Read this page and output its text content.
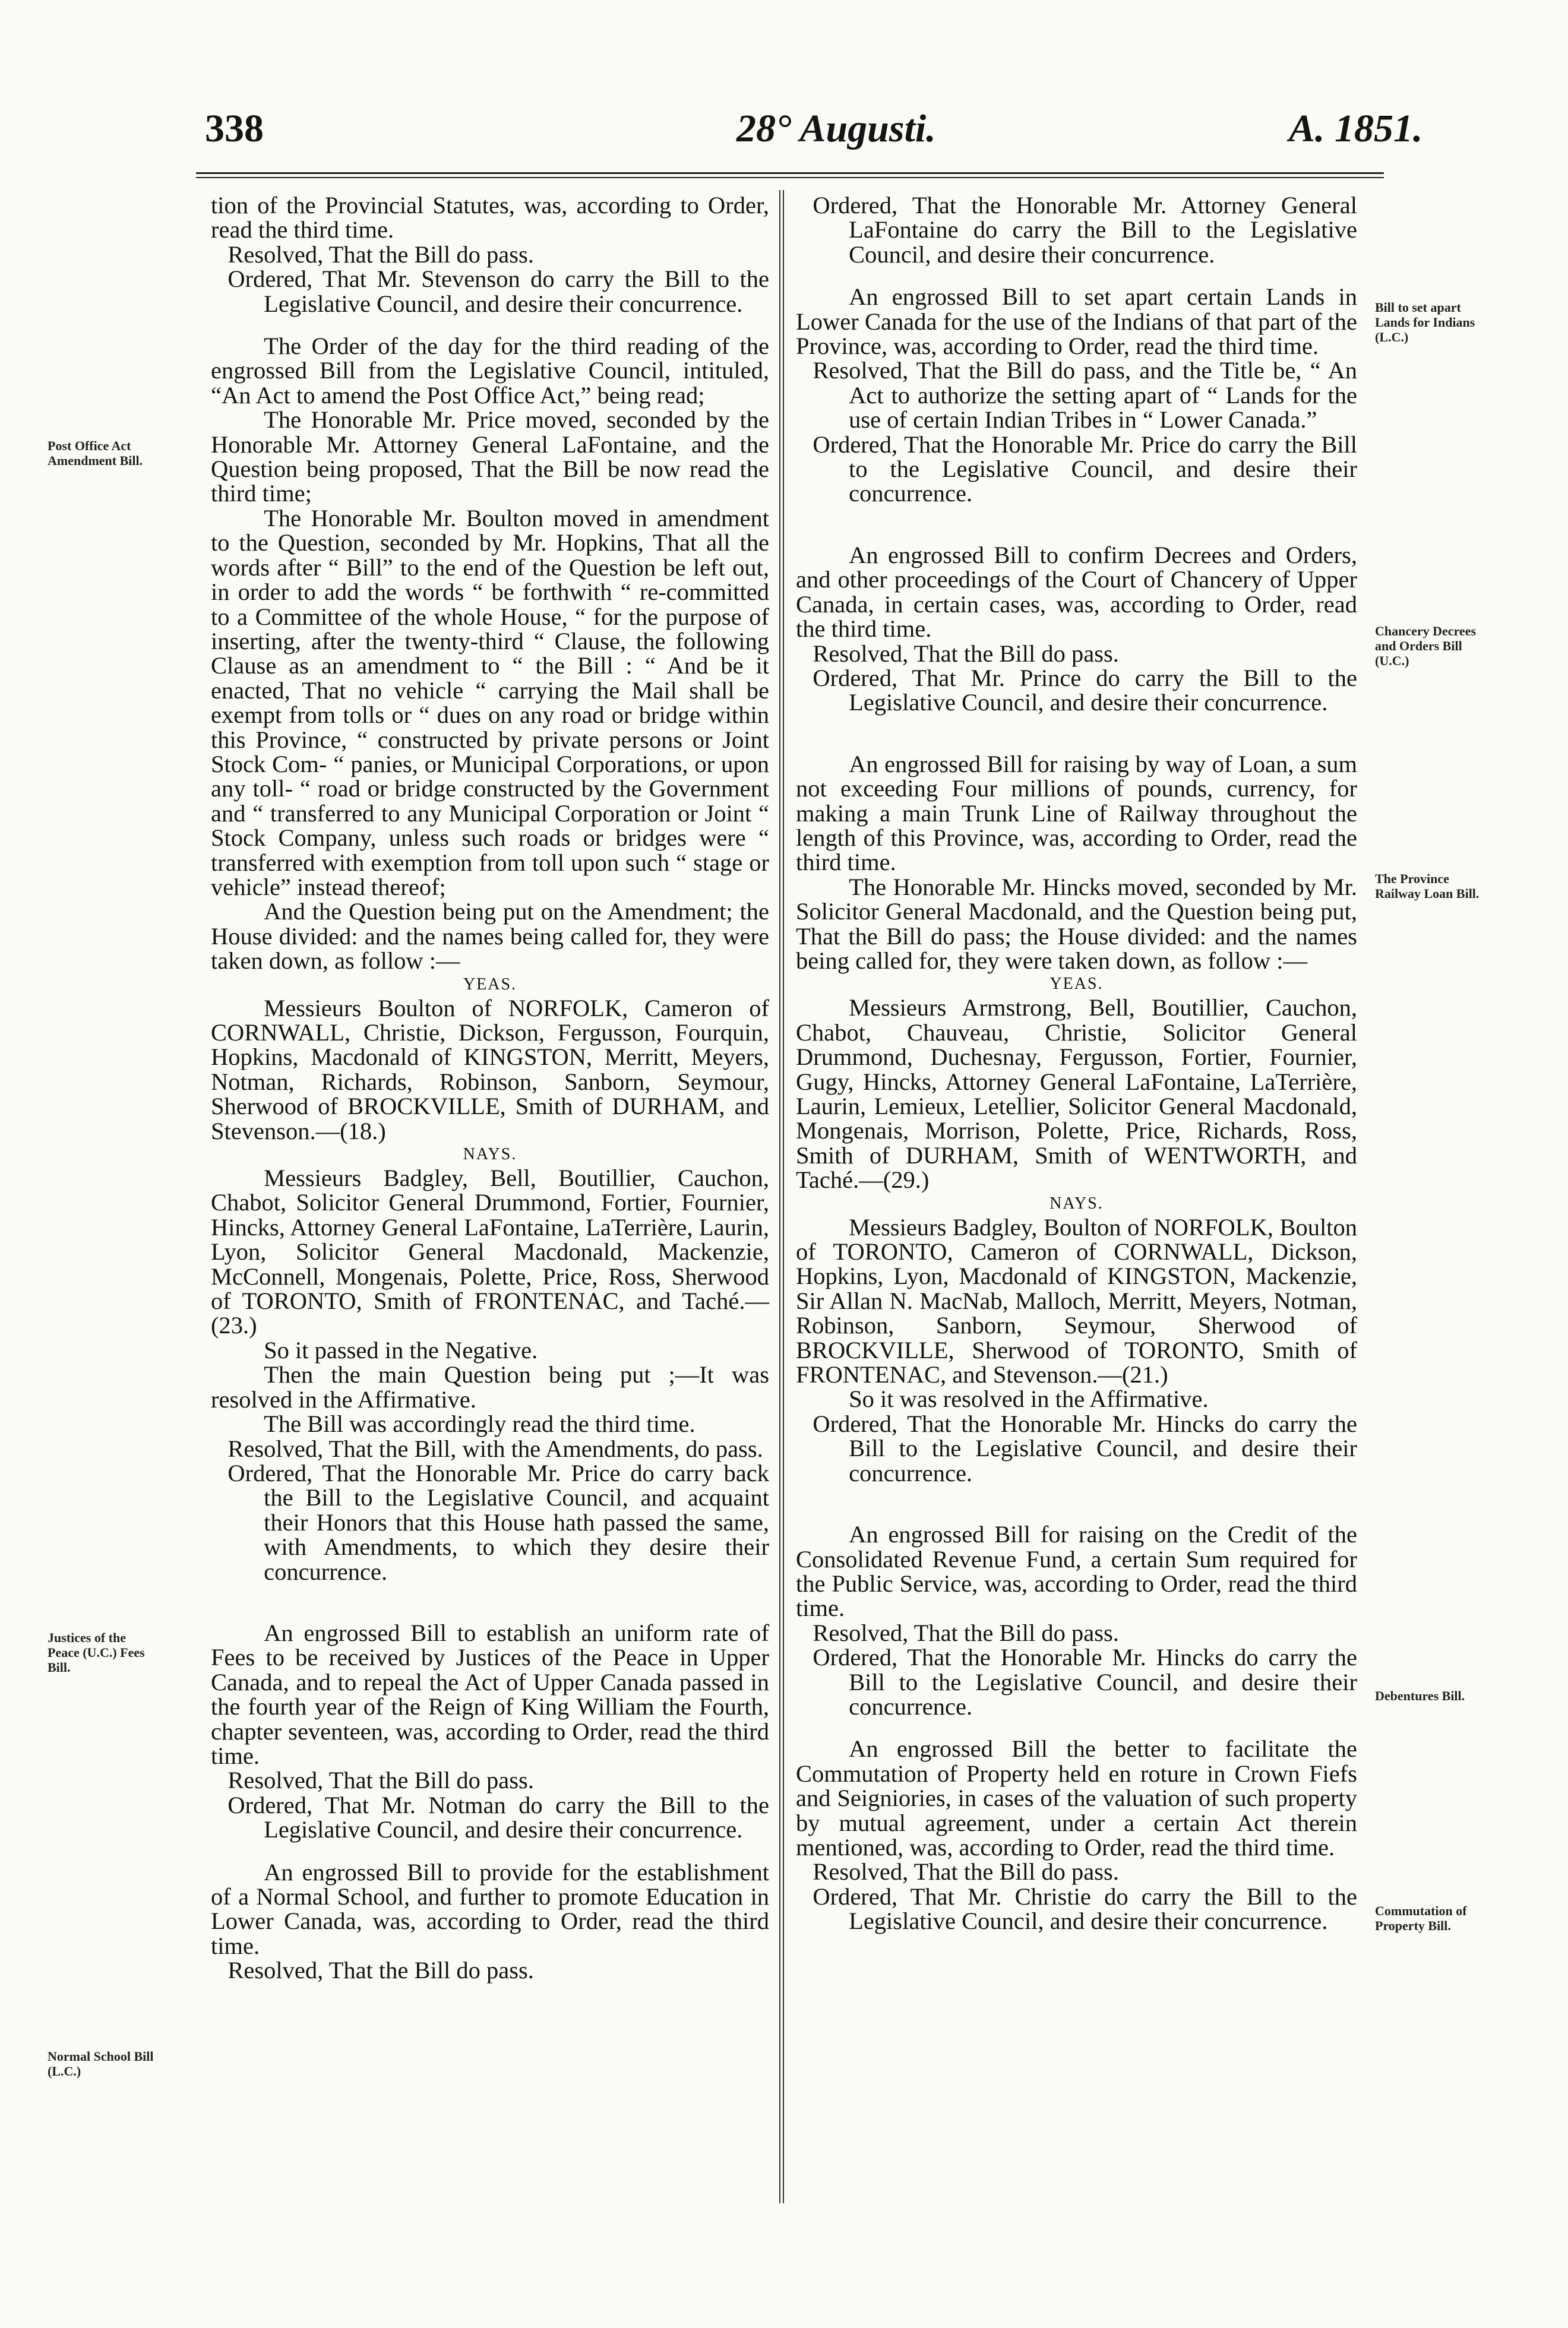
338	28° Augusti.	A. 1851.
Post Office Act Amendment Bill.
Justices of the Peace (U.C.) Fees Bill.
Normal School Bill (L.C.)
Bill to set apart Lands for Indians (L.C.)
Chancery Decrees and Orders Bill (U.C.)
The Province Railway Loan Bill.
Debentures Bill.
Commutation of Property Bill.

tion of the Provincial Statutes, was, according to Order, read the third time.

Resolved, That the Bill do pass.

Ordered, That Mr. Stevenson do carry the Bill to the Legislative Council, and desire their concurrence.

The Order of the day for the third reading of the engrossed Bill from the Legislative Council, intituled, “An Act to amend the Post Office Act,” being read;

The Honorable Mr. Price moved, seconded by the Honorable Mr. Attorney General LaFontaine, and the Question being proposed, That the Bill be now read the third time;

The Honorable Mr. Boulton moved in amendment to the Question, seconded by Mr. Hopkins, That all the words after “ Bill” to the end of the Question be left out, in order to add the words “ be forthwith “ re-committed to a Committee of the whole House, “ for the purpose of inserting, after the twenty-third “ Clause, the following Clause as an amendment to “ the Bill : “ And be it enacted, That no vehicle “ carrying the Mail shall be exempt from tolls or “ dues on any road or bridge within this Province, “ constructed by private persons or Joint Stock Com- “ panies, or Municipal Corporations, or upon any toll- “ road or bridge constructed by the Government and “ transferred to any Municipal Corporation or Joint “ Stock Company, unless such roads or bridges were “ transferred with exemption from toll upon such “ stage or vehicle” instead thereof;

And the Question being put on the Amendment; the House divided: and the names being called for, they were taken down, as follow :—

YEAS.

Messieurs Boulton of NORFOLK, Cameron of CORNWALL, Christie, Dickson, Fergusson, Fourquin, Hopkins, Macdonald of KINGSTON, Merritt, Meyers, Notman, Richards, Robinson, Sanborn, Seymour, Sherwood of BROCKVILLE, Smith of DURHAM, and Stevenson.—(18.)

NAYS.

Messieurs Badgley, Bell, Boutillier, Cauchon, Chabot, Solicitor General Drummond, Fortier, Fournier, Hincks, Attorney General LaFontaine, LaTerrière, Laurin, Lyon, Solicitor General Macdonald, Mackenzie, McConnell, Mongenais, Polette, Price, Ross, Sherwood of TORONTO, Smith of FRONTENAC, and Taché.—(23.)

So it passed in the Negative.

Then the main Question being put ;—It was resolved in the Affirmative.

The Bill was accordingly read the third time.

Resolved, That the Bill, with the Amendments, do pass.

Ordered, That the Honorable Mr. Price do carry back the Bill to the Legislative Council, and acquaint their Honors that this House hath passed the same, with Amendments, to which they desire their concurrence.

An engrossed Bill to establish an uniform rate of Fees to be received by Justices of the Peace in Upper Canada, and to repeal the Act of Upper Canada passed in the fourth year of the Reign of King William the Fourth, chapter seventeen, was, according to Order, read the third time.

Resolved, That the Bill do pass.

Ordered, That Mr. Notman do carry the Bill to the Legislative Council, and desire their concurrence.

An engrossed Bill to provide for the establishment of a Normal School, and further to promote Education in Lower Canada, was, according to Order, read the third time.

Resolved, That the Bill do pass.

Ordered, That the Honorable Mr. Attorney General LaFontaine do carry the Bill to the Legislative Council, and desire their concurrence.

An engrossed Bill to set apart certain Lands in Lower Canada for the use of the Indians of that part of the Province, was, according to Order, read the third time.

Resolved, That the Bill do pass, and the Title be, “ An Act to authorize the setting apart of “ Lands for the use of certain Indian Tribes in “ Lower Canada.”

Ordered, That the Honorable Mr. Price do carry the Bill to the Legislative Council, and desire their concurrence.

An engrossed Bill to confirm Decrees and Orders, and other proceedings of the Court of Chancery of Upper Canada, in certain cases, was, according to Order, read the third time.

Resolved, That the Bill do pass.

Ordered, That Mr. Prince do carry the Bill to the Legislative Council, and desire their concurrence.

An engrossed Bill for raising by way of Loan, a sum not exceeding Four millions of pounds, currency, for making a main Trunk Line of Railway throughout the length of this Province, was, according to Order, read the third time.

The Honorable Mr. Hincks moved, seconded by Mr. Solicitor General Macdonald, and the Question being put, That the Bill do pass; the House divided: and the names being called for, they were taken down, as follow :—

YEAS.

Messieurs Armstrong, Bell, Boutillier, Cauchon, Chabot, Chauveau, Christie, Solicitor General Drummond, Duchesnay, Fergusson, Fortier, Fournier, Gugy, Hincks, Attorney General LaFontaine, LaTerrière, Laurin, Lemieux, Letellier, Solicitor General Macdonald, Mongenais, Morrison, Polette, Price, Richards, Ross, Smith of DURHAM, Smith of WENTWORTH, and Taché.—(29.)

NAYS.

Messieurs Badgley, Boulton of NORFOLK, Boulton of TORONTO, Cameron of CORNWALL, Dickson, Hopkins, Lyon, Macdonald of KINGSTON, Mackenzie, Sir Allan N. MacNab, Malloch, Merritt, Meyers, Notman, Robinson, Sanborn, Seymour, Sherwood of BROCKVILLE, Sherwood of TORONTO, Smith of FRONTENAC, and Stevenson.—(21.)

So it was resolved in the Affirmative.

Ordered, That the Honorable Mr. Hincks do carry the Bill to the Legislative Council, and desire their concurrence.

An engrossed Bill for raising on the Credit of the Consolidated Revenue Fund, a certain Sum required for the Public Service, was, according to Order, read the third time.

Resolved, That the Bill do pass.

Ordered, That the Honorable Mr. Hincks do carry the Bill to the Legislative Council, and desire their concurrence.

An engrossed Bill the better to facilitate the Commutation of Property held en roture in Crown Fiefs and Seigniories, in cases of the valuation of such property by mutual agreement, under a certain Act therein mentioned, was, according to Order, read the third time.

Resolved, That the Bill do pass.

Ordered, That Mr. Christie do carry the Bill to the Legislative Council, and desire their concurrence.
